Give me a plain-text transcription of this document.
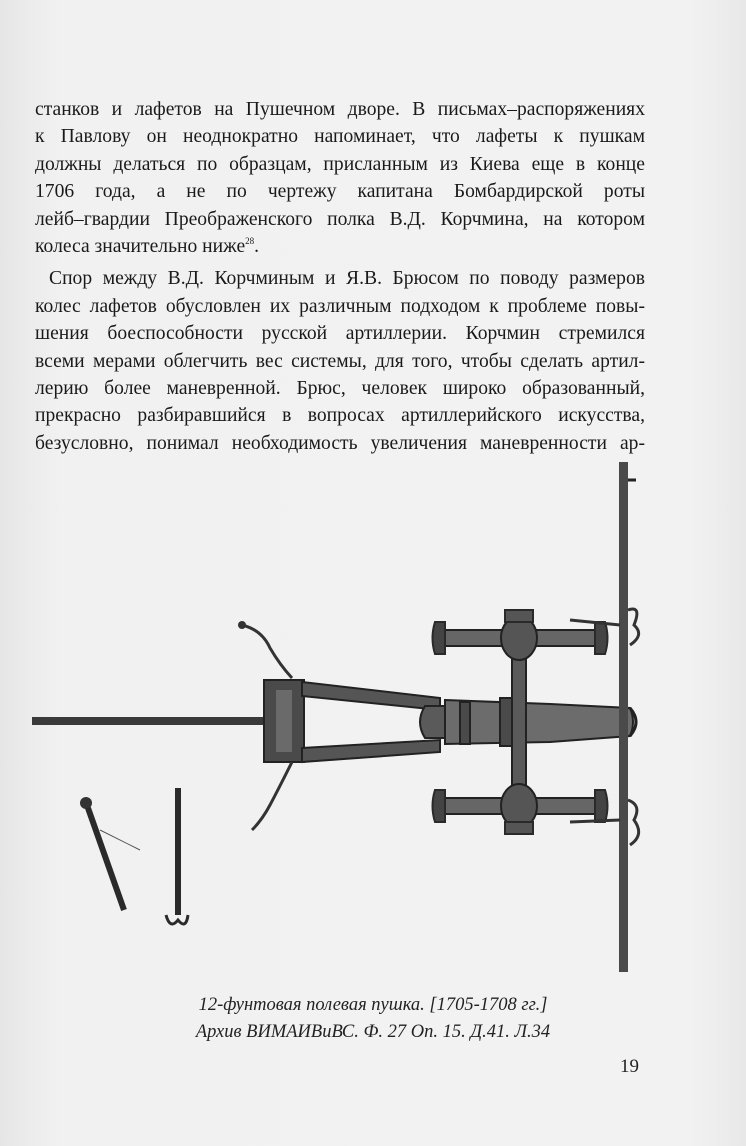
станков и лафетов на Пушечном дворе. В письмах–распоряжениях
к Павлову он неоднократно напоминает, что лафеты к пушкам
должны делаться по образцам, присланным из Киева еще в конце
1706 года, а не по чертежу капитана Бомбардирской роты
лейб–гвардии Преображенского полка В.Д. Корчмина, на котором
колеса значительно ниже$^{28}$.
Спор между В.Д. Корчминым и Я.В. Брюсом по поводу размеров
колес лафетов обусловлен их различным подходом к проблеме повы-
шения боеспособности русской артиллерии. Корчмин стремился
всеми мерами облегчить вес системы, для того, чтобы сделать артил-
лерию более маневренной. Брюс, человек широко образованный,
прекрасно разбиравшийся в вопросах артиллерийского искусства,
безусловно, понимал необходимость увеличения маневренности ар-
12-фунтовая полевая пушка. [1705-1708 гг.]
Архив ВИМАИВиВС. Ф. 27 Оп. 15. Д.41. Л.34
19
